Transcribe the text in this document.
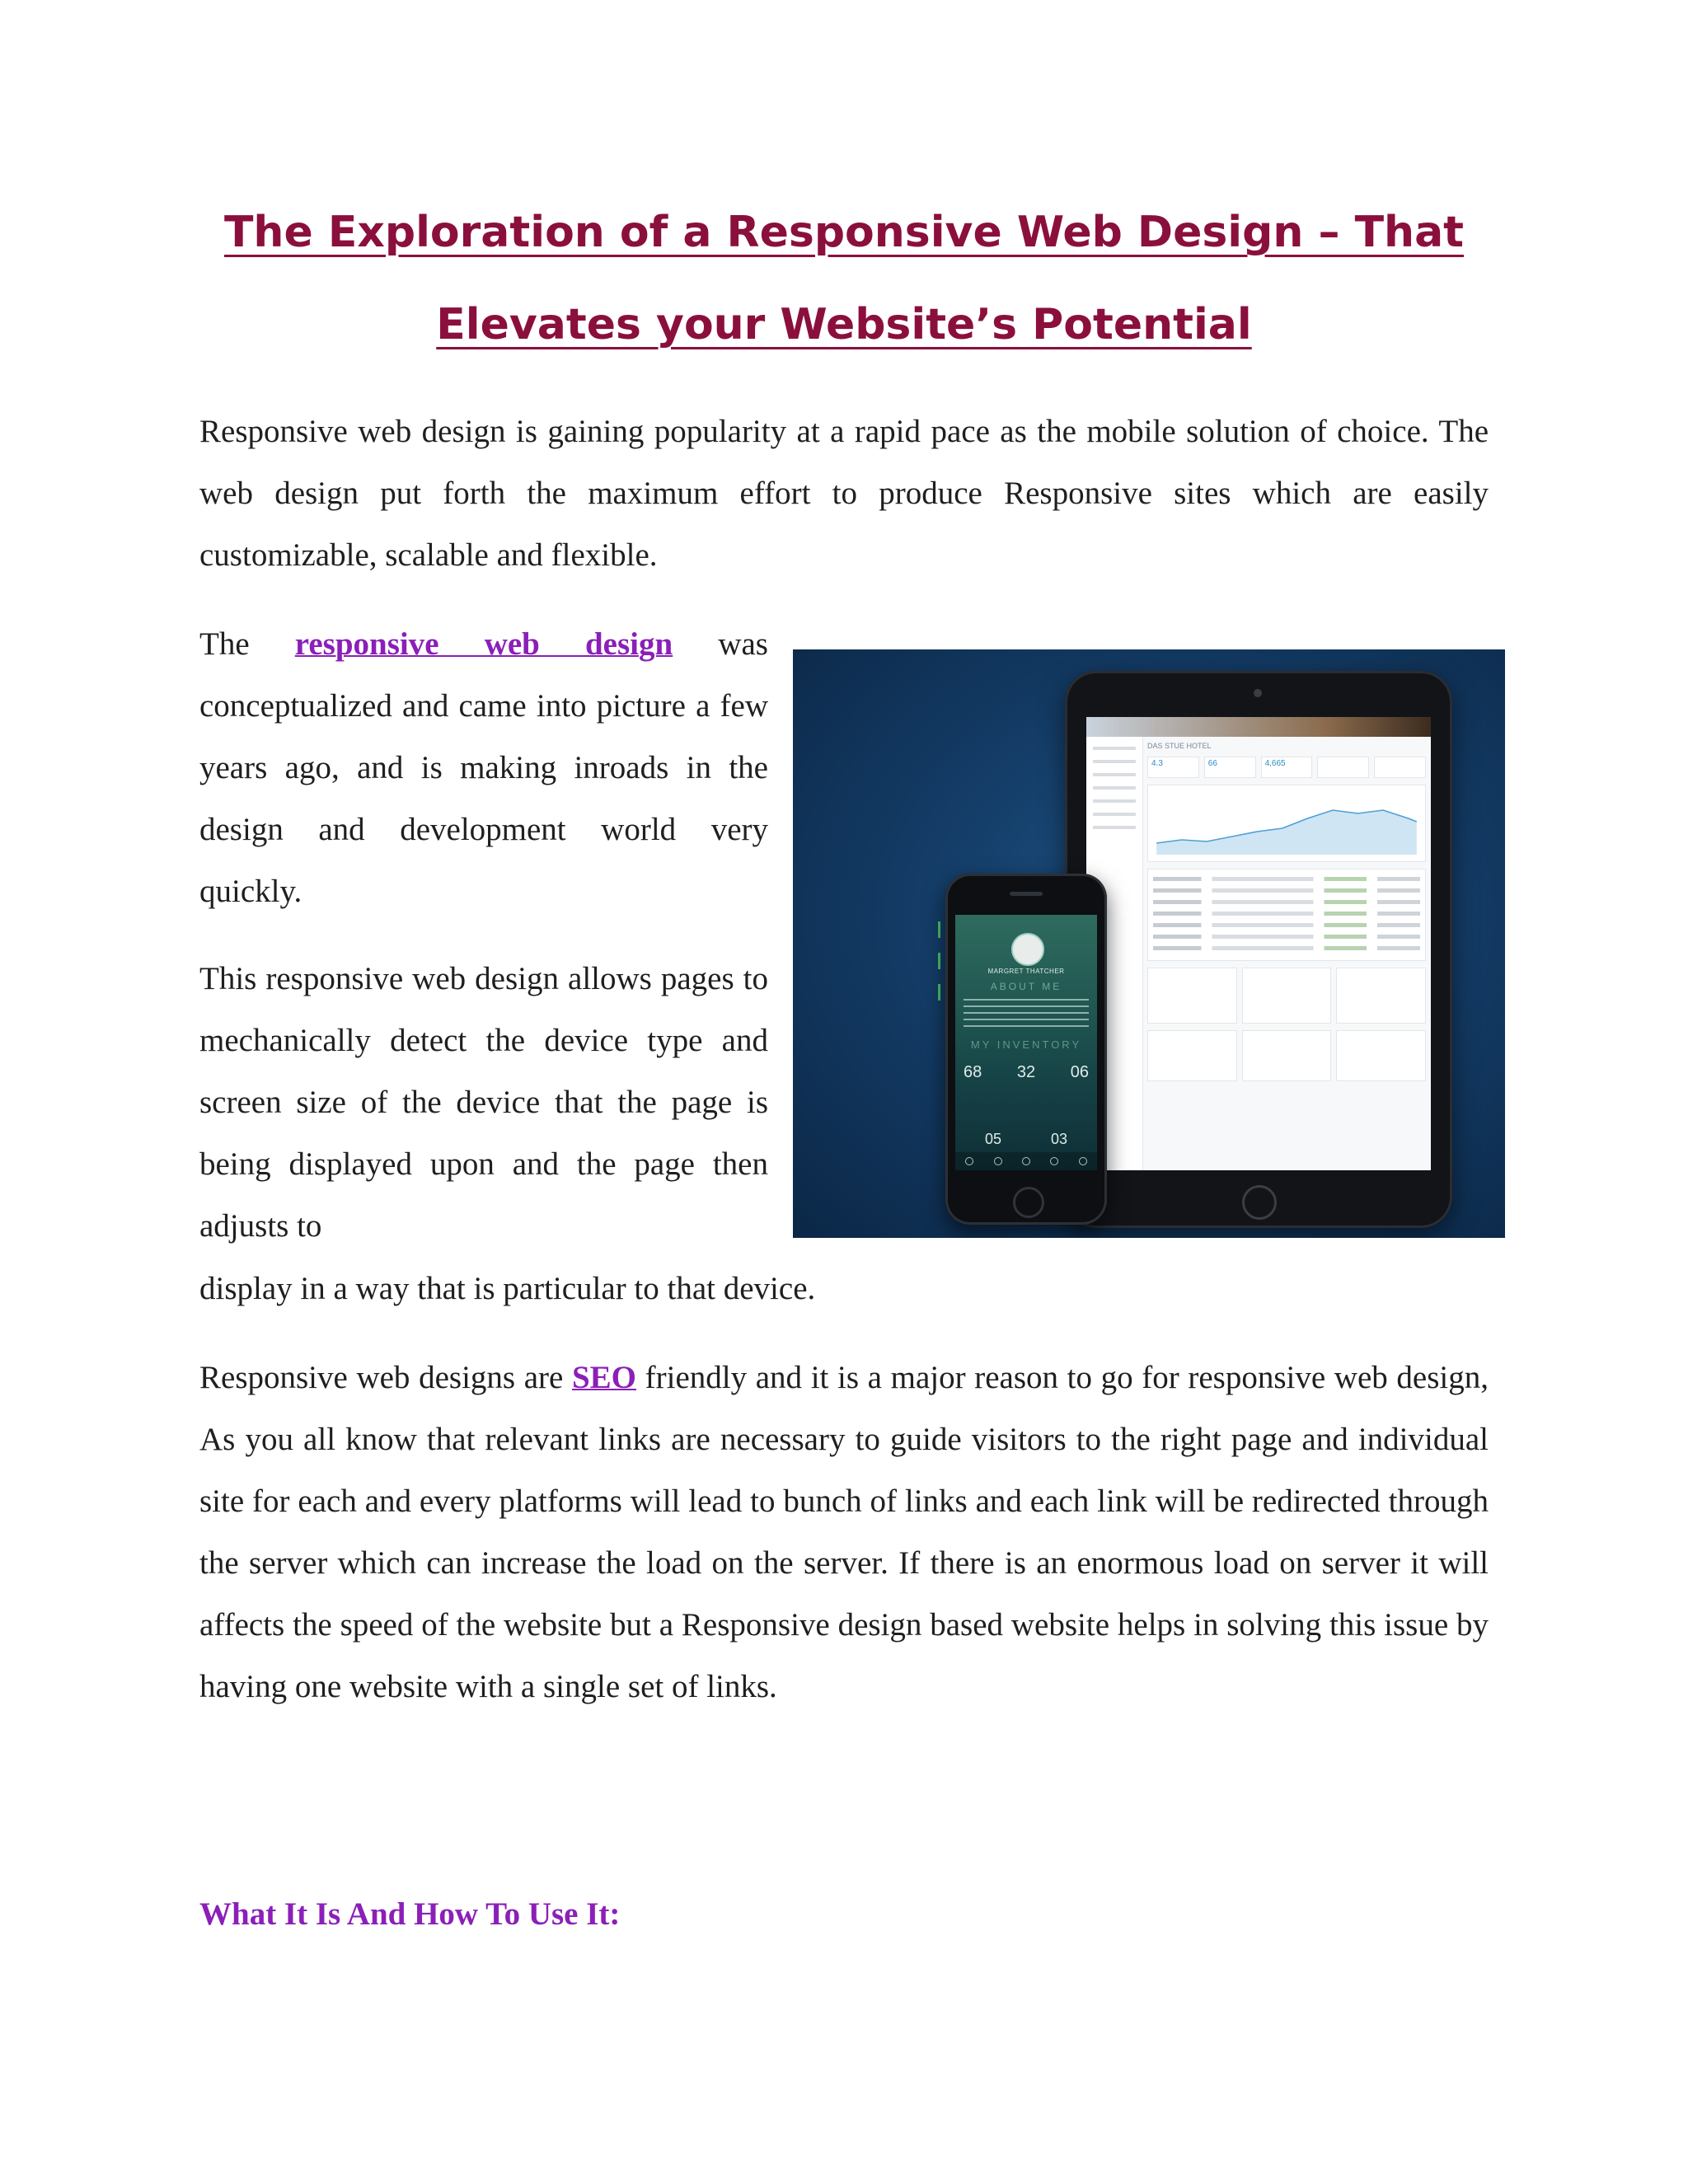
The Exploration of a Responsive Web Design – That
Elevates your Website’s Potential

Responsive web design is gaining popularity at a rapid pace as the mobile solution of choice. The web design put forth the maximum effort to produce Responsive sites which are easily customizable, scalable and flexible.

The responsive web design was conceptualized and came into picture a few years ago, and is making inroads in the design and development world very quickly.

This responsive web design allows pages to mechanically detect the device type and screen size of the device that the page is being displayed upon and the page then adjusts to

display in a way that is particular to that device.
DAS STUE HOTEL
4.3	66	4,665
MARGRET THATCHER
ABOUT ME
MY INVENTORY
68 32 06
05	03

Responsive web designs are SEO friendly and it is a major reason to go for responsive web design, As you all know that relevant links are necessary to guide visitors to the right page and individual site for each and every platforms will lead to bunch of links and each link will be redirected through the server which can increase the load on the server. If there is an enormous load on server it will affects the speed of the website but a Responsive design based website helps in solving this issue by having one website with a single set of links.

What It Is And How To Use It:
